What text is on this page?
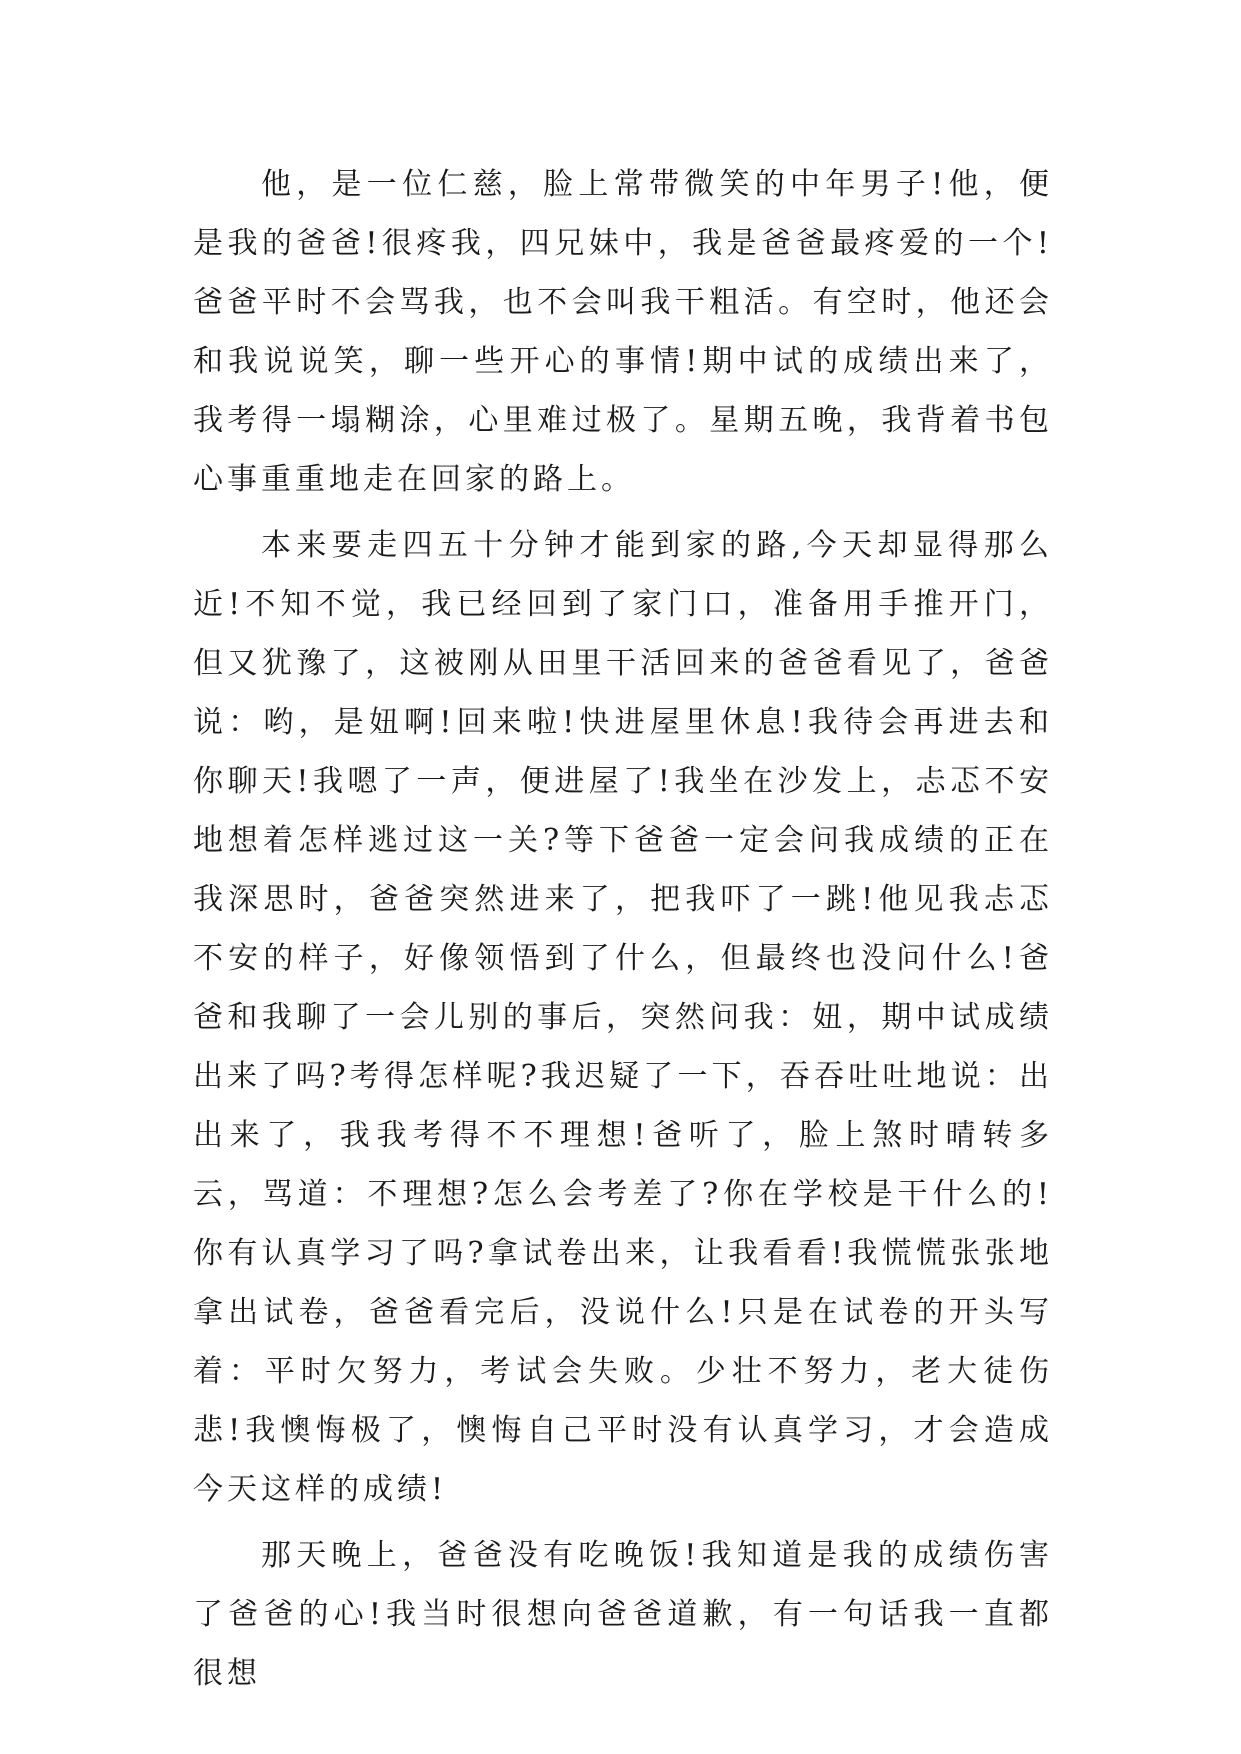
他，是一位仁慈，脸上常带微笑的中年男子!他，便是我的爸爸!很疼我，四兄妹中，我是爸爸最疼爱的一个!爸爸平时不会骂我，也不会叫我干粗活。有空时，他还会和我说说笑，聊一些开心的事情!期中试的成绩出来了，我考得一塌糊涂，心里难过极了。星期五晚，我背着书包心事重重地走在回家的路上。

本来要走四五十分钟才能到家的路,今天却显得那么近!不知不觉，我已经回到了家门口，准备用手推开门，但又犹豫了，这被刚从田里干活回来的爸爸看见了，爸爸说：哟，是妞啊!回来啦!快进屋里休息!我待会再进去和你聊天!我嗯了一声，便进屋了!我坐在沙发上，忐忑不安地想着怎样逃过这一关?等下爸爸一定会问我成绩的正在我深思时，爸爸突然进来了，把我吓了一跳!他见我忐忑不安的样子，好像领悟到了什么，但最终也没问什么!爸爸和我聊了一会儿别的事后，突然问我：妞，期中试成绩出来了吗?考得怎样呢?我迟疑了一下，吞吞吐吐地说：出出来了，我我考得不不理想!爸听了，脸上煞时晴转多云，骂道：不理想?怎么会考差了?你在学校是干什么的!你有认真学习了吗?拿试卷出来，让我看看!我慌慌张张地拿出试卷，爸爸看完后，没说什么!只是在试卷的开头写着：平时欠努力，考试会失败。少壮不努力，老大徒伤悲!我懊悔极了，懊悔自己平时没有认真学习，才会造成今天这样的成绩!

那天晚上，爸爸没有吃晚饭!我知道是我的成绩伤害了爸爸的心!我当时很想向爸爸道歉，有一句话我一直都很想
